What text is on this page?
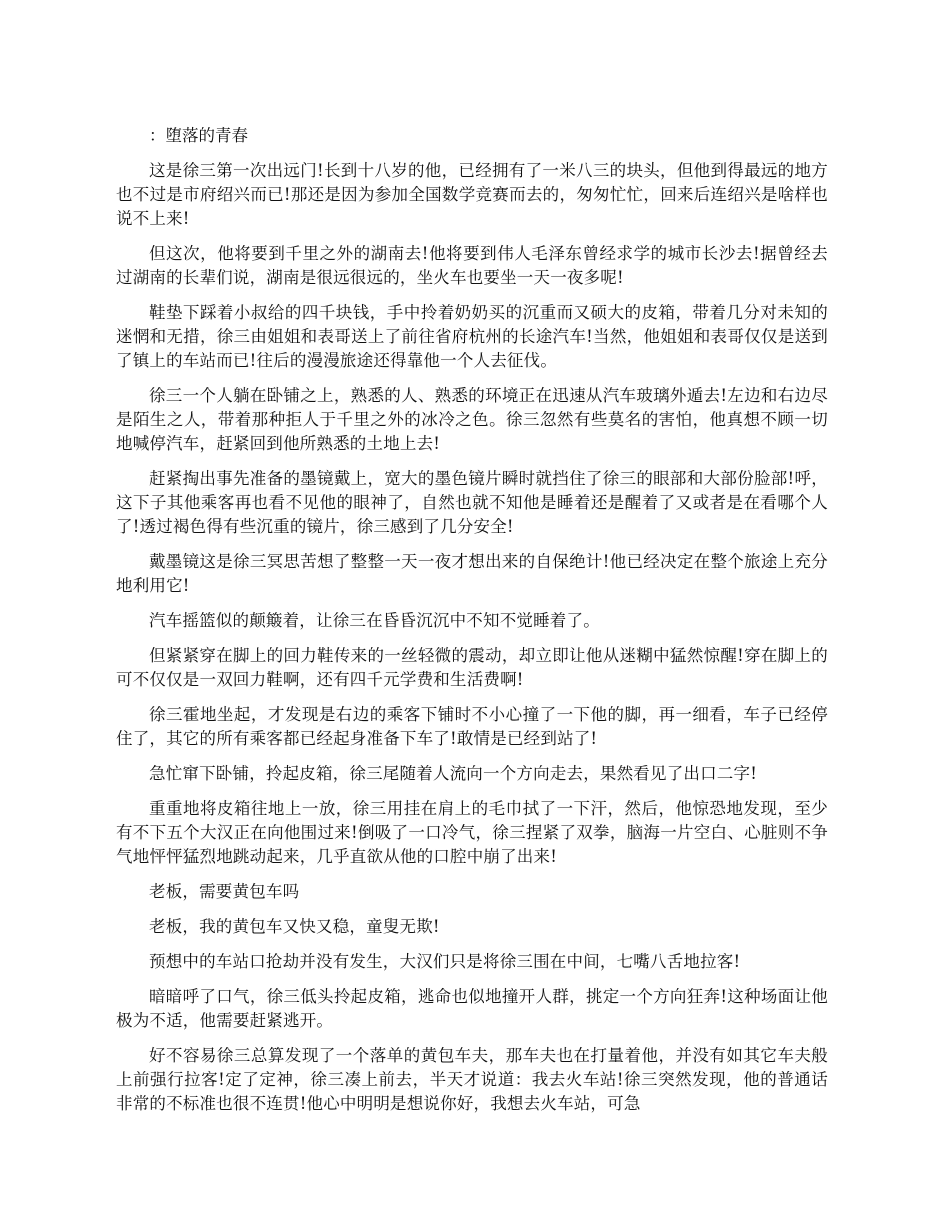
：堕落的青春

这是徐三第一次出远门!长到十八岁的他，已经拥有了一米八三的块头，但他到得最远的地方也不过是市府绍兴而已!那还是因为参加全国数学竞赛而去的，匆匆忙忙，回来后连绍兴是啥样也说不上来!

但这次，他将要到千里之外的湖南去!他将要到伟人毛泽东曾经求学的城市长沙去!据曾经去过湖南的长辈们说，湖南是很远很远的，坐火车也要坐一天一夜多呢!

鞋垫下踩着小叔给的四千块钱，手中拎着奶奶买的沉重而又硕大的皮箱，带着几分对未知的迷惘和无措，徐三由姐姐和表哥送上了前往省府杭州的长途汽车!当然，他姐姐和表哥仅仅是送到了镇上的车站而已!往后的漫漫旅途还得靠他一个人去征伐。

徐三一个人躺在卧铺之上，熟悉的人、熟悉的环境正在迅速从汽车玻璃外遁去!左边和右边尽是陌生之人，带着那种拒人于千里之外的冰冷之色。徐三忽然有些莫名的害怕，他真想不顾一切地喊停汽车，赶紧回到他所熟悉的土地上去!

赶紧掏出事先准备的墨镜戴上，宽大的墨色镜片瞬时就挡住了徐三的眼部和大部份脸部!呼，这下子其他乘客再也看不见他的眼神了，自然也就不知他是睡着还是醒着了又或者是在看哪个人了!透过褐色得有些沉重的镜片，徐三感到了几分安全!

戴墨镜这是徐三冥思苦想了整整一天一夜才想出来的自保绝计!他已经决定在整个旅途上充分地利用它!

汽车摇篮似的颠簸着，让徐三在昏昏沉沉中不知不觉睡着了。

但紧紧穿在脚上的回力鞋传来的一丝轻微的震动，却立即让他从迷糊中猛然惊醒!穿在脚上的可不仅仅是一双回力鞋啊，还有四千元学费和生活费啊!

徐三霍地坐起，才发现是右边的乘客下铺时不小心撞了一下他的脚，再一细看，车子已经停住了，其它的所有乘客都已经起身准备下车了!敢情是已经到站了!

急忙窜下卧铺，拎起皮箱，徐三尾随着人流向一个方向走去，果然看见了出口二字!

重重地将皮箱往地上一放，徐三用挂在肩上的毛巾拭了一下汗，然后，他惊恐地发现，至少有不下五个大汉正在向他围过来!倒吸了一口冷气，徐三捏紧了双拳，脑海一片空白、心脏则不争气地怦怦猛烈地跳动起来，几乎直欲从他的口腔中崩了出来!

老板，需要黄包车吗

老板，我的黄包车又快又稳，童叟无欺!

预想中的车站口抢劫并没有发生，大汉们只是将徐三围在中间，七嘴八舌地拉客!

暗暗呼了口气，徐三低头拎起皮箱，逃命也似地撞开人群，挑定一个方向狂奔!这种场面让他极为不适，他需要赶紧逃开。

好不容易徐三总算发现了一个落单的黄包车夫，那车夫也在打量着他，并没有如其它车夫般上前强行拉客!定了定神，徐三凑上前去，半天才说道：我去火车站!徐三突然发现，他的普通话非常的不标准也很不连贯!他心中明明是想说你好，我想去火车站，可急
